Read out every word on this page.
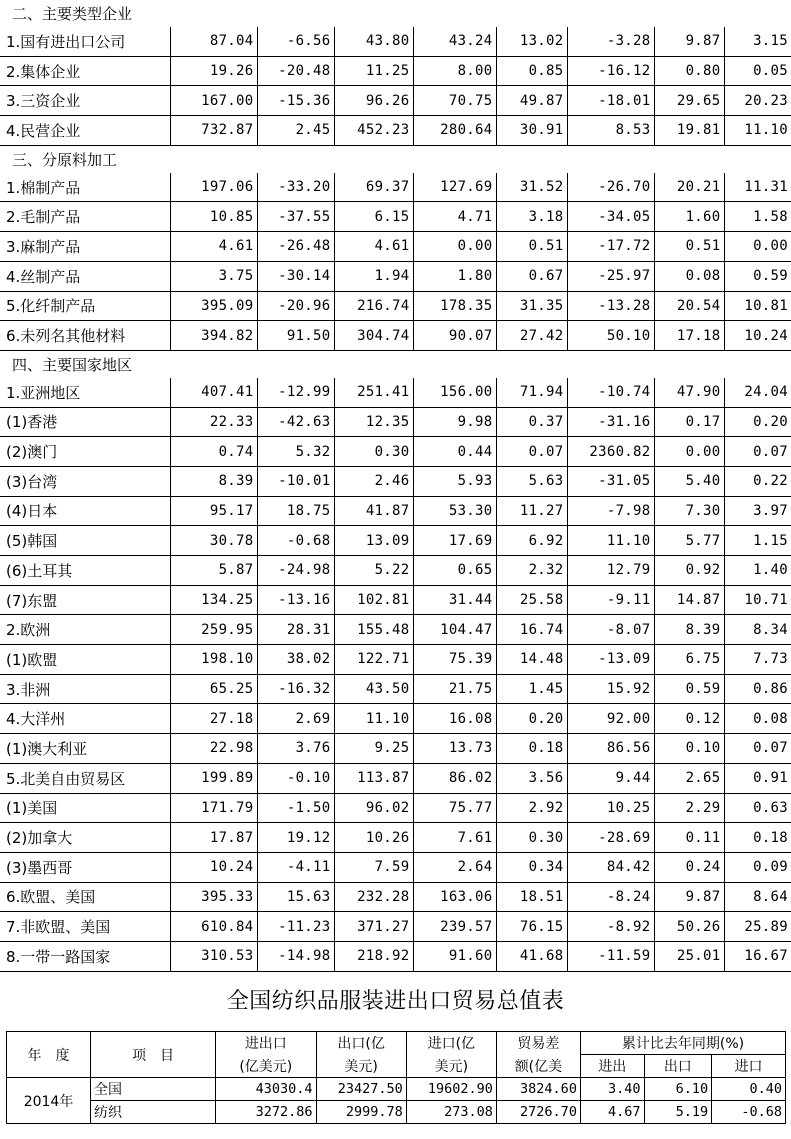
二、主要类型企业								
1.国有进出口公司	87.04	-6.56	43.80	43.24	13.02	-3.28	9.87	3.15
2.集体企业	19.26	-20.48	11.25	8.00	0.85	-16.12	0.80	0.05
3.三资企业	167.00	-15.36	96.26	70.75	49.87	-18.01	29.65	20.23
4.民营企业	732.87	2.45	452.23	280.64	30.91	8.53	19.81	11.10
三、分原料加工								
1.棉制产品	197.06	-33.20	69.37	127.69	31.52	-26.70	20.21	11.31
2.毛制产品	10.85	-37.55	6.15	4.71	3.18	-34.05	1.60	1.58
3.麻制产品	4.61	-26.48	4.61	0.00	0.51	-17.72	0.51	0.00
4.丝制产品	3.75	-30.14	1.94	1.80	0.67	-25.97	0.08	0.59
5.化纤制产品	395.09	-20.96	216.74	178.35	31.35	-13.28	20.54	10.81
6.未列名其他材料	394.82	91.50	304.74	90.07	27.42	50.10	17.18	10.24
四、主要国家地区								
1.亚洲地区	407.41	-12.99	251.41	156.00	71.94	-10.74	47.90	24.04
(1)香港	22.33	-42.63	12.35	9.98	0.37	-31.16	0.17	0.20
(2)澳门	0.74	5.32	0.30	0.44	0.07	2360.82	0.00	0.07
(3)台湾	8.39	-10.01	2.46	5.93	5.63	-31.05	5.40	0.22
(4)日本	95.17	18.75	41.87	53.30	11.27	-7.98	7.30	3.97
(5)韩国	30.78	-0.68	13.09	17.69	6.92	11.10	5.77	1.15
(6)土耳其	5.87	-24.98	5.22	0.65	2.32	12.79	0.92	1.40
(7)东盟	134.25	-13.16	102.81	31.44	25.58	-9.11	14.87	10.71
2.欧洲	259.95	28.31	155.48	104.47	16.74	-8.07	8.39	8.34
(1)欧盟	198.10	38.02	122.71	75.39	14.48	-13.09	6.75	7.73
3.非洲	65.25	-16.32	43.50	21.75	1.45	15.92	0.59	0.86
4.大洋州	27.18	2.69	11.10	16.08	0.20	92.00	0.12	0.08
(1)澳大利亚	22.98	3.76	9.25	13.73	0.18	86.56	0.10	0.07
5.北美自由贸易区	199.89	-0.10	113.87	86.02	3.56	9.44	2.65	0.91
(1)美国	171.79	-1.50	96.02	75.77	2.92	10.25	2.29	0.63
(2)加拿大	17.87	19.12	10.26	7.61	0.30	-28.69	0.11	0.18
(3)墨西哥	10.24	-4.11	7.59	2.64	0.34	84.42	0.24	0.09
6.欧盟、美国	395.33	15.63	232.28	163.06	18.51	-8.24	9.87	8.64
7.非欧盟、美国	610.84	-11.23	371.27	239.57	76.15	-8.92	50.26	25.89
8.一带一路国家	310.53	-14.98	218.92	91.60	41.68	-11.59	25.01	16.67
全国纺织品服装进出口贸易总值表
年　度	项　目	进出口	出口(亿	进口(亿	贸易差	累计比去年同期(%)		
		(亿美元)	美元)	美元)	额(亿美	进出	出口	进口
2014年	全国	43030.4	23427.50	19602.90	3824.60	3.40	6.10	0.40
	纺织	3272.86	2999.78	273.08	2726.70	4.67	5.19	-0.68
